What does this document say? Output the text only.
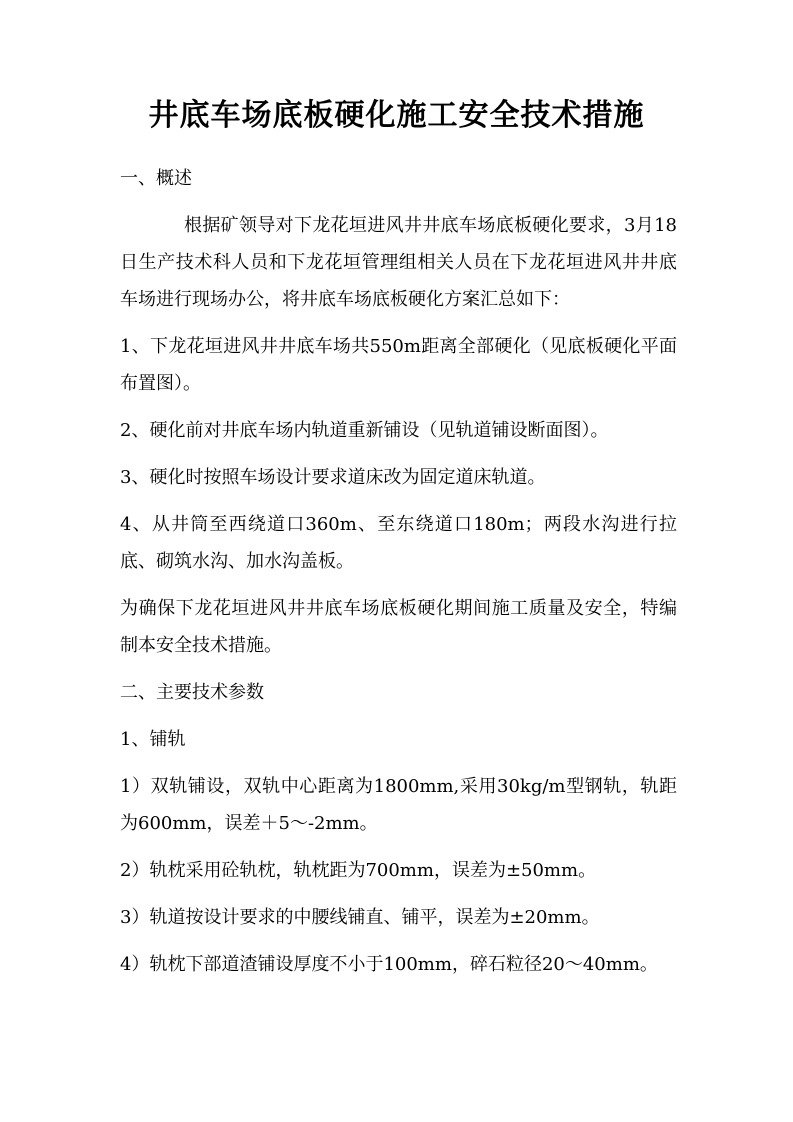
井底车场底板硬化施工安全技术措施

一、概述

根据矿领导对下龙花垣进风井井底车场底板硬化要求，3月18日生产技术科人员和下龙花垣管理组相关人员在下龙花垣进风井井底车场进行现场办公，将井底车场底板硬化方案汇总如下：

1、下龙花垣进风井井底车场共550m距离全部硬化（见底板硬化平面布置图）。

2、硬化前对井底车场内轨道重新铺设（见轨道铺设断面图）。

3、硬化时按照车场设计要求道床改为固定道床轨道。

4、从井筒至西绕道口360m、至东绕道口180m；两段水沟进行拉底、砌筑水沟、加水沟盖板。

为确保下龙花垣进风井井底车场底板硬化期间施工质量及安全，特编制本安全技术措施。

二、主要技术参数

1、铺轨

1）双轨铺设，双轨中心距离为1800mm,采用30kg/m型钢轨，轨距为600mm，误差＋5～-2mm。

2）轨枕采用砼轨枕，轨枕距为700mm，误差为±50mm。

3）轨道按设计要求的中腰线铺直、铺平，误差为±20mm。

4）轨枕下部道渣铺设厚度不小于100mm，碎石粒径20～40mm。
